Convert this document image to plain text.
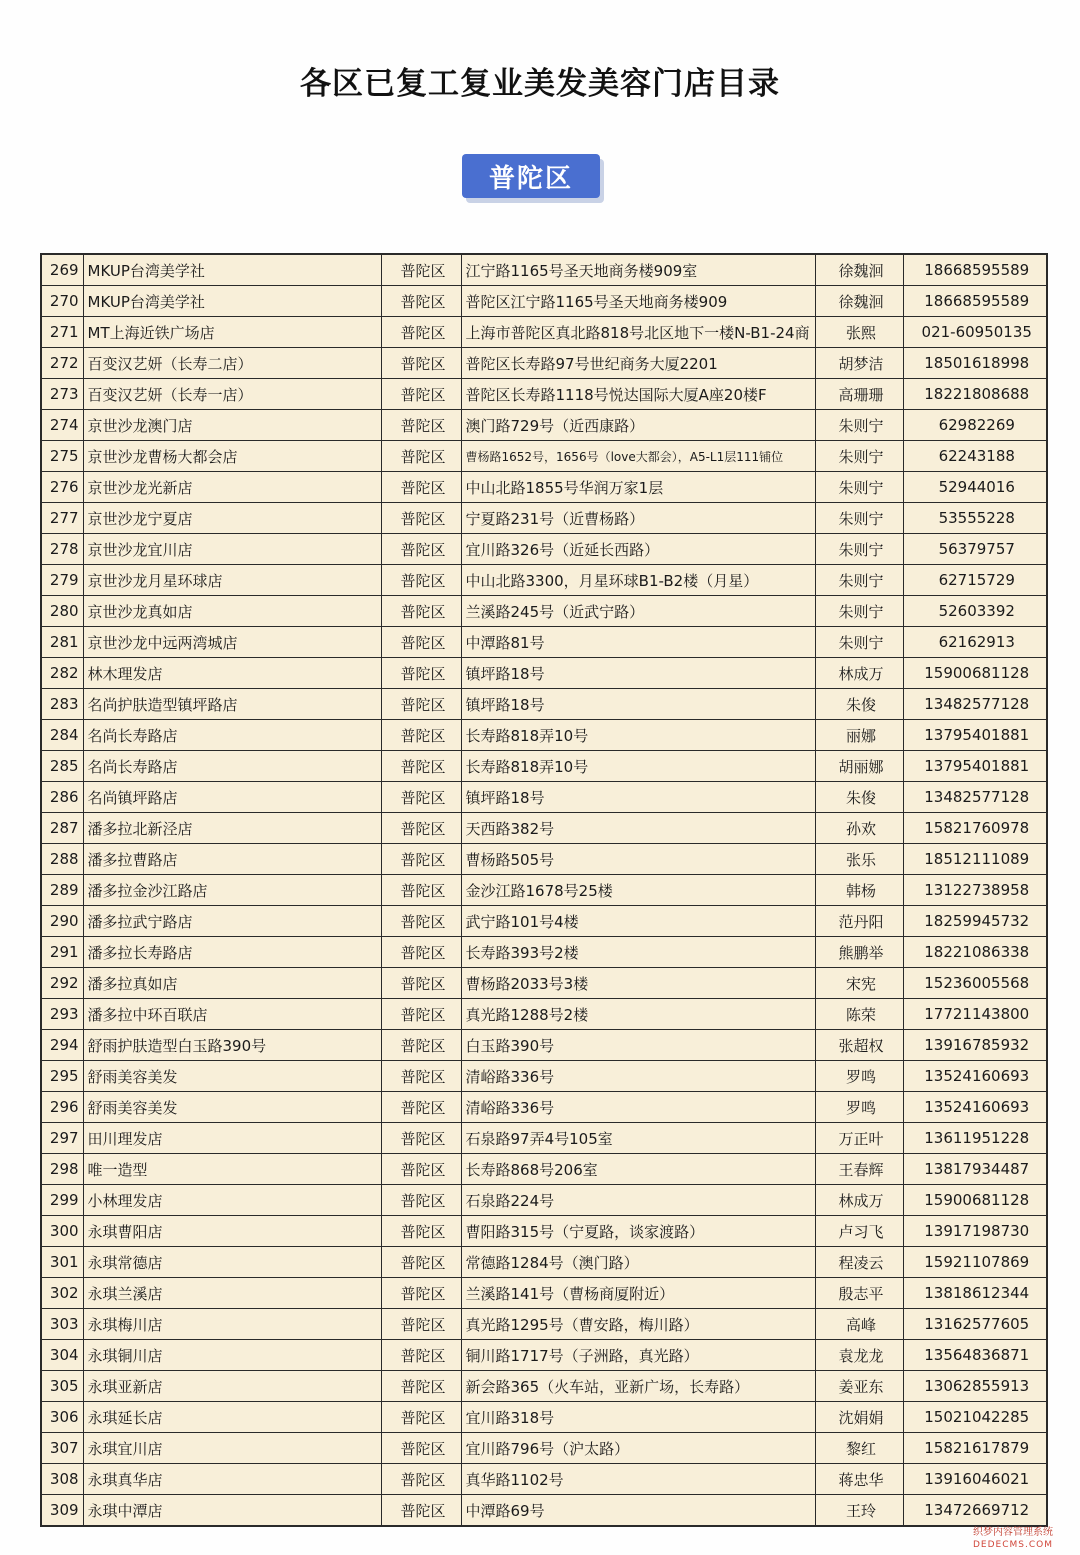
各区已复工复业美发美容门店目录
普陀区
269	MKUP台湾美学社	普陀区	江宁路1165号圣天地商务楼909室	徐魏洄	18668595589
270	MKUP台湾美学社	普陀区	普陀区江宁路1165号圣天地商务楼909	徐魏洄	18668595589
271	MT上海近铁广场店	普陀区	上海市普陀区真北路818号北区地下一楼N-B1-24商	张熙	021-60950135
272	百变汉艺妍（长寿二店）	普陀区	普陀区长寿路97号世纪商务大厦2201	胡梦洁	18501618998
273	百变汉艺妍（长寿一店）	普陀区	普陀区长寿路1118号悦达国际大厦A座20楼F	高珊珊	18221808688
274	京世沙龙澳门店	普陀区	澳门路729号（近西康路）	朱则宁	62982269
275	京世沙龙曹杨大都会店	普陀区	曹杨路1652号，1656号（love大都会），A5-L1层111铺位	朱则宁	62243188
276	京世沙龙光新店	普陀区	中山北路1855号华润万家1层	朱则宁	52944016
277	京世沙龙宁夏店	普陀区	宁夏路231号（近曹杨路）	朱则宁	53555228
278	京世沙龙宜川店	普陀区	宜川路326号（近延长西路）	朱则宁	56379757
279	京世沙龙月星环球店	普陀区	中山北路3300，月星环球B1-B2楼（月星）	朱则宁	62715729
280	京世沙龙真如店	普陀区	兰溪路245号（近武宁路）	朱则宁	52603392
281	京世沙龙中远两湾城店	普陀区	中潭路81号	朱则宁	62162913
282	林木理发店	普陀区	镇坪路18号	林成万	15900681128
283	名尚护肤造型镇坪路店	普陀区	镇坪路18号	朱俊	13482577128
284	名尚长寿路店	普陀区	长寿路818弄10号	丽娜	13795401881
285	名尚长寿路店	普陀区	长寿路818弄10号	胡丽娜	13795401881
286	名尚镇坪路店	普陀区	镇坪路18号	朱俊	13482577128
287	潘多拉北新泾店	普陀区	天西路382号	孙欢	15821760978
288	潘多拉曹路店	普陀区	曹杨路505号	张乐	18512111089
289	潘多拉金沙江路店	普陀区	金沙江路1678号25楼	韩杨	13122738958
290	潘多拉武宁路店	普陀区	武宁路101号4楼	范丹阳	18259945732
291	潘多拉长寿路店	普陀区	长寿路393号2楼	熊鹏举	18221086338
292	潘多拉真如店	普陀区	曹杨路2033号3楼	宋宪	15236005568
293	潘多拉中环百联店	普陀区	真光路1288号2楼	陈荣	17721143800
294	舒雨护肤造型白玉路390号	普陀区	白玉路390号	张超权	13916785932
295	舒雨美容美发	普陀区	清峪路336号	罗鸣	13524160693
296	舒雨美容美发	普陀区	清峪路336号	罗鸣	13524160693
297	田川理发店	普陀区	石泉路97弄4号105室	万正叶	13611951228
298	唯一造型	普陀区	长寿路868号206室	王春辉	13817934487
299	小林理发店	普陀区	石泉路224号	林成万	15900681128
300	永琪曹阳店	普陀区	曹阳路315号（宁夏路，谈家渡路）	卢习飞	13917198730
301	永琪常德店	普陀区	常德路1284号（澳门路）	程凌云	15921107869
302	永琪兰溪店	普陀区	兰溪路141号（曹杨商厦附近）	殷志平	13818612344
303	永琪梅川店	普陀区	真光路1295号（曹安路，梅川路）	高峰	13162577605
304	永琪铜川店	普陀区	铜川路1717号（子洲路，真光路）	袁龙龙	13564836871
305	永琪亚新店	普陀区	新会路365（火车站，亚新广场，长寿路）	姜亚东	13062855913
306	永琪延长店	普陀区	宜川路318号	沈娟娟	15021042285
307	永琪宜川店	普陀区	宜川路796号（沪太路）	黎红	15821617879
308	永琪真华店	普陀区	真华路1102号	蒋忠华	13916046021
309	永琪中潭店	普陀区	中潭路69号	王玲	13472669712
织梦内容管理系统
DEDECMS.COM
